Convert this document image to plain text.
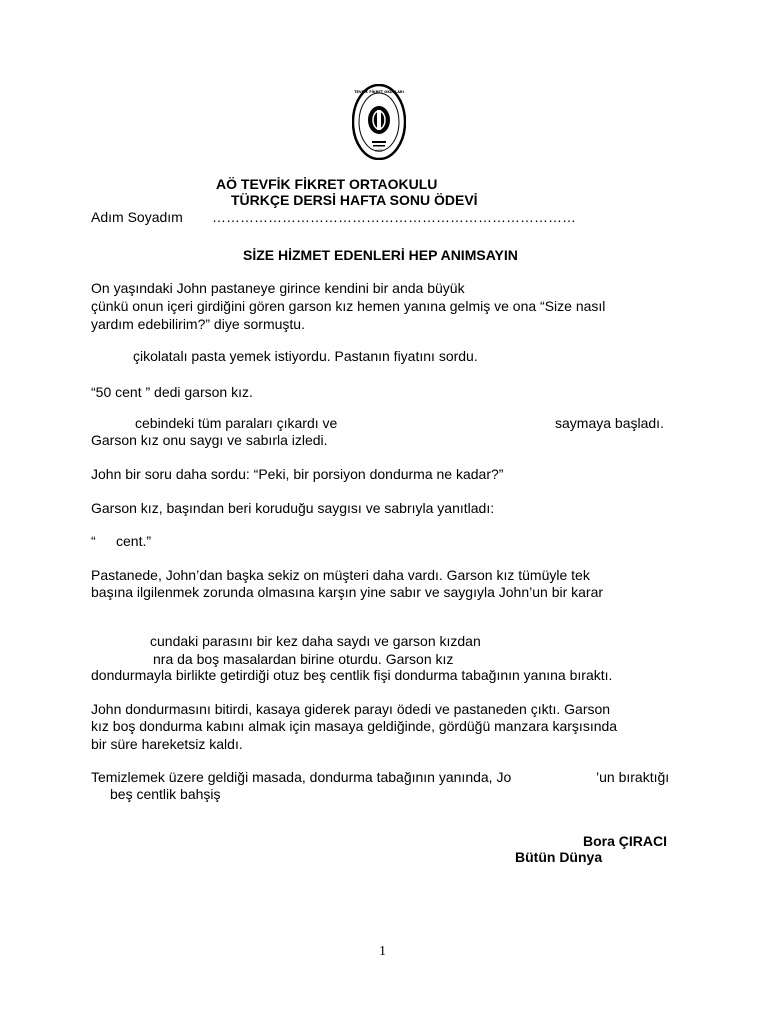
TEVFİK FİKRET OKULLARI
AÖÖ
AÖ TEVFİK FİKRET ORTAOKULU
TÜRKÇE DERSİ HAFTA SONU ÖDEVİ
Adım Soyadım ……………………………………………………………………
SİZE HİZMET EDENLERİ HEP ANIMSAYIN
On yaşındaki John pastaneye girince kendini bir anda büyük
çünkü onun içeri girdiğini gören garson kız hemen yanına gelmiş ve ona “Size nasıl
yardım edebilirim?” diye sormuştu.
çikolatalı pasta yemek istiyordu. Pastanın fiyatını sordu.
“50 cent ” dedi garson kız.
cebindeki tüm paraları çıkardı ve	saymaya başladı.
Garson kız onu saygı ve sabırla izledi.
John bir soru daha sordu: “Peki, bir porsiyon dondurma ne kadar?”
Garson kız, başından beri koruduğu saygısı ve sabrıyla yanıtladı:
“ cent.”
Pastanede, John’dan başka sekiz on müşteri daha vardı. Garson kız tümüyle tek
başına ilgilenmek zorunda olmasına karşın yine sabır ve saygıyla John’un bir karar
cundaki parasını bir kez daha saydı ve garson kızdan
nra da boş masalardan birine oturdu. Garson kız
dondurmayla birlikte getirdiği otuz beş centlik fişi dondurma tabağının yanına bıraktı.
John dondurmasını bitirdi, kasaya giderek parayı ödedi ve pastaneden çıktı. Garson
kız boş dondurma kabını almak için masaya geldiğinde, gördüğü manzara karşısında
bir süre hareketsiz kaldı.
Temizlemek üzere geldiği masada, dondurma tabağının yanında, Jo	’un bıraktığı
beş centlik bahşiş
Bora ÇIRACI
Bütün Dünya
1
